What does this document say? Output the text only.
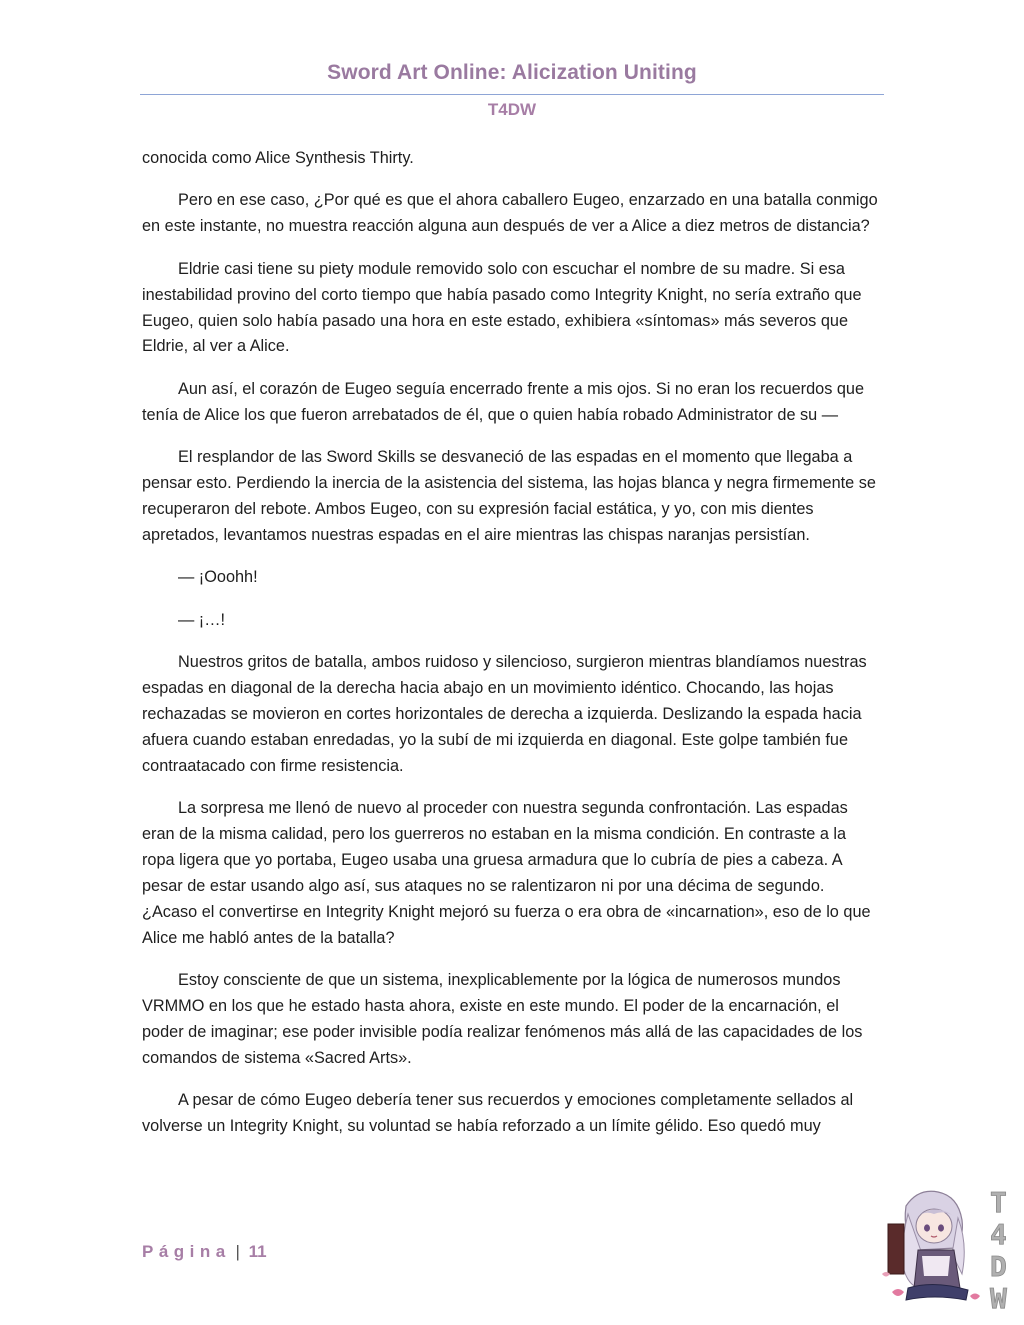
Sword Art Online: Alicization Uniting
T4DW

conocida como Alice Synthesis Thirty.

Pero en ese caso, ¿Por qué es que el ahora caballero Eugeo, enzarzado en una batalla conmigo en este instante, no muestra reacción alguna aun después de ver a Alice a diez metros de distancia?

Eldrie casi tiene su piety module removido solo con escuchar el nombre de su madre. Si esa inestabilidad provino del corto tiempo que había pasado como Integrity Knight, no sería extraño que Eugeo, quien solo había pasado una hora en este estado, exhibiera «síntomas» más severos que Eldrie, al ver a Alice.

Aun así, el corazón de Eugeo seguía encerrado frente a mis ojos. Si no eran los recuerdos que tenía de Alice los que fueron arrebatados de él, que o quien había robado Administrator de su —

El resplandor de las Sword Skills se desvaneció de las espadas en el momento que llegaba a pensar esto. Perdiendo la inercia de la asistencia del sistema, las hojas blanca y negra firmemente se recuperaron del rebote. Ambos Eugeo, con su expresión facial estática, y yo, con mis dientes apretados, levantamos nuestras espadas en el aire mientras las chispas naranjas persistían.

— ¡Ooohh!

— ¡…!

Nuestros gritos de batalla, ambos ruidoso y silencioso, surgieron mientras blandíamos nuestras espadas en diagonal de la derecha hacia abajo en un movimiento idéntico. Chocando, las hojas rechazadas se movieron en cortes horizontales de derecha a izquierda. Deslizando la espada hacia afuera cuando estaban enredadas, yo la subí de mi izquierda en diagonal. Este golpe también fue contraatacado con firme resistencia.

La sorpresa me llenó de nuevo al proceder con nuestra segunda confrontación. Las espadas eran de la misma calidad, pero los guerreros no estaban en la misma condición. En contraste a la ropa ligera que yo portaba, Eugeo usaba una gruesa armadura que lo cubría de pies a cabeza. A pesar de estar usando algo así, sus ataques no se ralentizaron ni por una décima de segundo. ¿Acaso el convertirse en Integrity Knight mejoró su fuerza o era obra de «incarnation», eso de lo que Alice me habló antes de la batalla?

Estoy consciente de que un sistema, inexplicablemente por la lógica de numerosos mundos VRMMO en los que he estado hasta ahora, existe en este mundo. El poder de la encarnación, el poder de imaginar; ese poder invisible podía realizar fenómenos más allá de las capacidades de los comandos de sistema «Sacred Arts».

A pesar de cómo Eugeo debería tener sus recuerdos y emociones completamente sellados al volverse un Integrity Knight, su voluntad se había reforzado a un límite gélido. Eso quedó muy

Página | 11
T
4
D
W
